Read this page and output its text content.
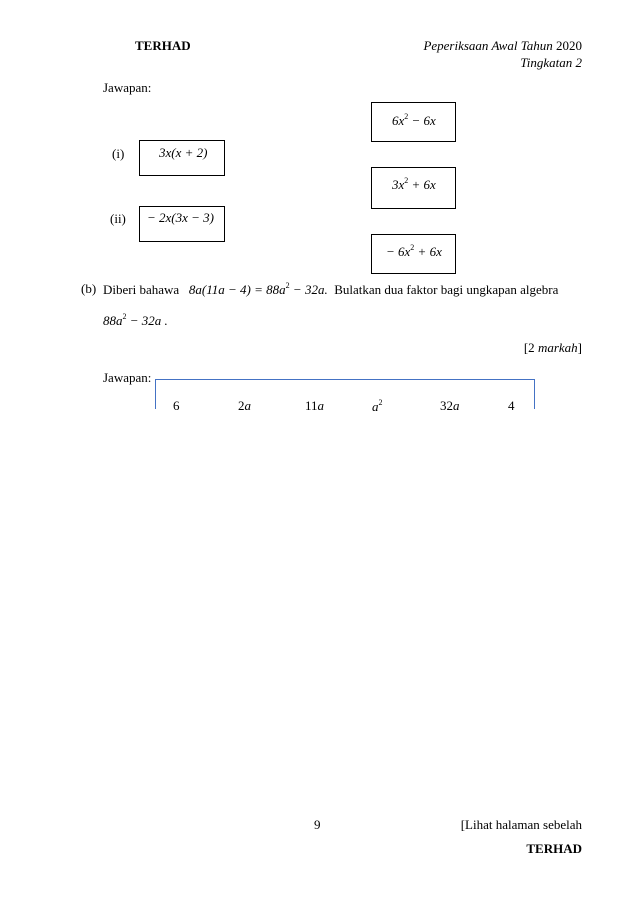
TERHAD	Peperiksaan Awal Tahun 2020
Tingkatan 2
Jawapan:
$6x^2 - 6x$
$3x^2 + 6x$
− $6x^2 + 6x$
(i)	3x(x + 2)
(ii) − 2x(3x − 3)
(b) Diberi bahawa $8a(11a - 4) = 88a^2 - 32a$. Bulatkan dua faktor bagi ungkapan algebra
$88a^2 - 32a$ .
[2 markah]
Jawapan:
6	2a	11a	$a^2$	32a	4
9	[Lihat halaman sebelah
TERHAD
